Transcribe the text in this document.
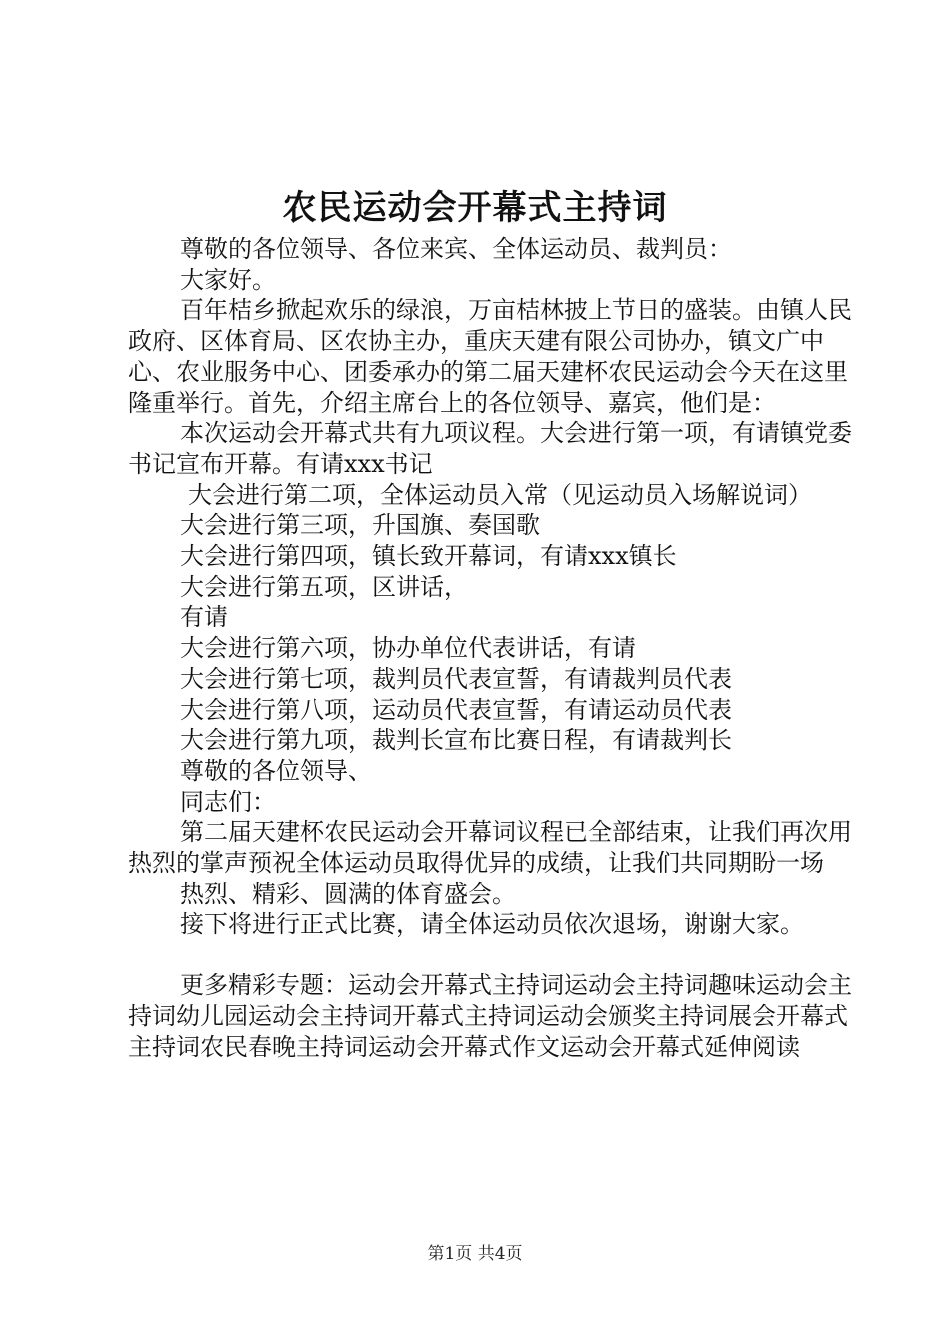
农民运动会开幕式主持词

尊敬的各位领导、各位来宾、全体运动员、裁判员：

大家好。

百年桔乡掀起欢乐的绿浪，万亩桔林披上节日的盛装。由镇人民政府、区体育局、区农协主办，重庆天建有限公司协办，镇文广中心、农业服务中心、团委承办的第二届天建杯农民运动会今天在这里隆重举行。首先，介绍主席台上的各位领导、嘉宾，他们是：

本次运动会开幕式共有九项议程。大会进行第一项，有请镇党委书记宣布开幕。有请xxx书记

大会进行第二项，全体运动员入常（见运动员入场解说词）

大会进行第三项，升国旗、奏国歌

大会进行第四项，镇长致开幕词，有请xxx镇长

大会进行第五项，区讲话，

有请

大会进行第六项，协办单位代表讲话，有请

大会进行第七项，裁判员代表宣誓，有请裁判员代表

大会进行第八项，运动员代表宣誓，有请运动员代表

大会进行第九项，裁判长宣布比赛日程，有请裁判长

尊敬的各位领导、

同志们：

第二届天建杯农民运动会开幕词议程已全部结束，让我们再次用热烈的掌声预祝全体运动员取得优异的成绩，让我们共同期盼一场

热烈、精彩、圆满的体育盛会。

接下将进行正式比赛，请全体运动员依次退场，谢谢大家。

更多精彩专题：运动会开幕式主持词运动会主持词趣味运动会主持词幼儿园运动会主持词开幕式主持词运动会颁奖主持词展会开幕式主持词农民春晚主持词运动会开幕式作文运动会开幕式延伸阅读

第1页 共4页
